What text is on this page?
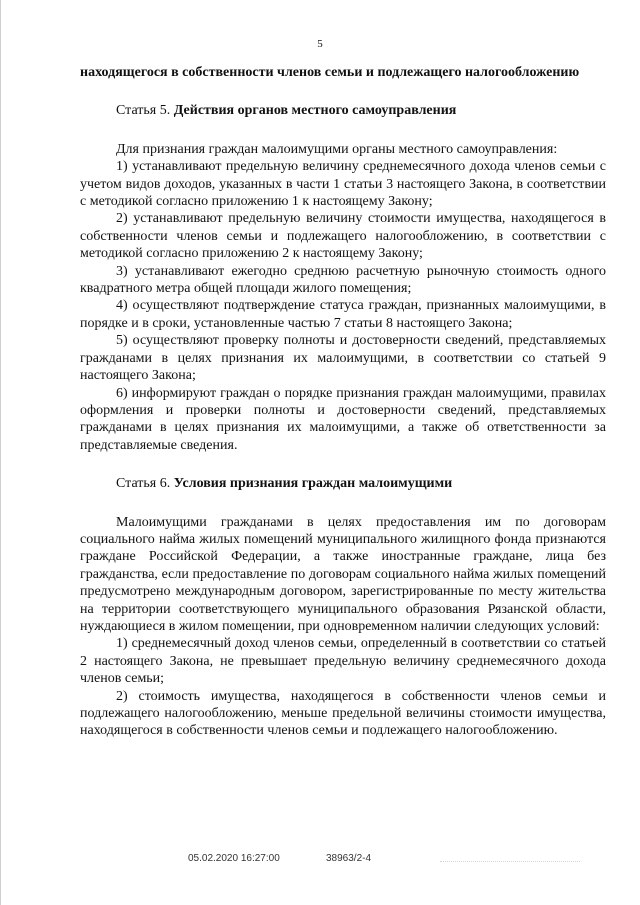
5

находящегося в собственности членов семьи и подлежащего налогообложению

Статья 5. Действия органов местного самоуправления

Для признания граждан малоимущими органы местного самоуправления:

1) устанавливают предельную величину среднемесячного дохода членов семьи с учетом видов доходов, указанных в части 1 статьи 3 настоящего Закона, в соответствии с методикой согласно приложению 1 к настоящему Закону;

2) устанавливают предельную величину стоимости имущества, находящегося в собственности членов семьи и подлежащего налогообложению, в соответствии с методикой согласно приложению 2 к настоящему Закону;

3) устанавливают ежегодно среднюю расчетную рыночную стоимость одного квадратного метра общей площади жилого помещения;

4) осуществляют подтверждение статуса граждан, признанных малоимущими, в порядке и в сроки, установленные частью 7 статьи 8 настоящего Закона;

5) осуществляют проверку полноты и достоверности сведений, представляемых гражданами в целях признания их малоимущими, в соответствии со статьей 9 настоящего Закона;

6) информируют граждан о порядке признания граждан малоимущими, правилах оформления и проверки полноты и достоверности сведений, представляемых гражданами в целях признания их малоимущими, а также об ответственности за представляемые сведения.

Статья 6. Условия признания граждан малоимущими

Малоимущими гражданами в целях предоставления им по договорам социального найма жилых помещений муниципального жилищного фонда признаются граждане Российской Федерации, а также иностранные граждане, лица без гражданства, если предоставление по договорам социального найма жилых помещений предусмотрено международным договором, зарегистрированные по месту жительства на территории соответствующего муниципального образования Рязанской области, нуждающиеся в жилом помещении, при одновременном наличии следующих условий:

1) среднемесячный доход членов семьи, определенный в соответствии со статьей 2 настоящего Закона, не превышает предельную величину среднемесячного дохода членов семьи;

2) стоимость имущества, находящегося в собственности членов семьи и подлежащего налогообложению, меньше предельной величины стоимости имущества, находящегося в собственности членов семьи и подлежащего налогообложению.

05.02.2020 16:27:00	38963/2-4
